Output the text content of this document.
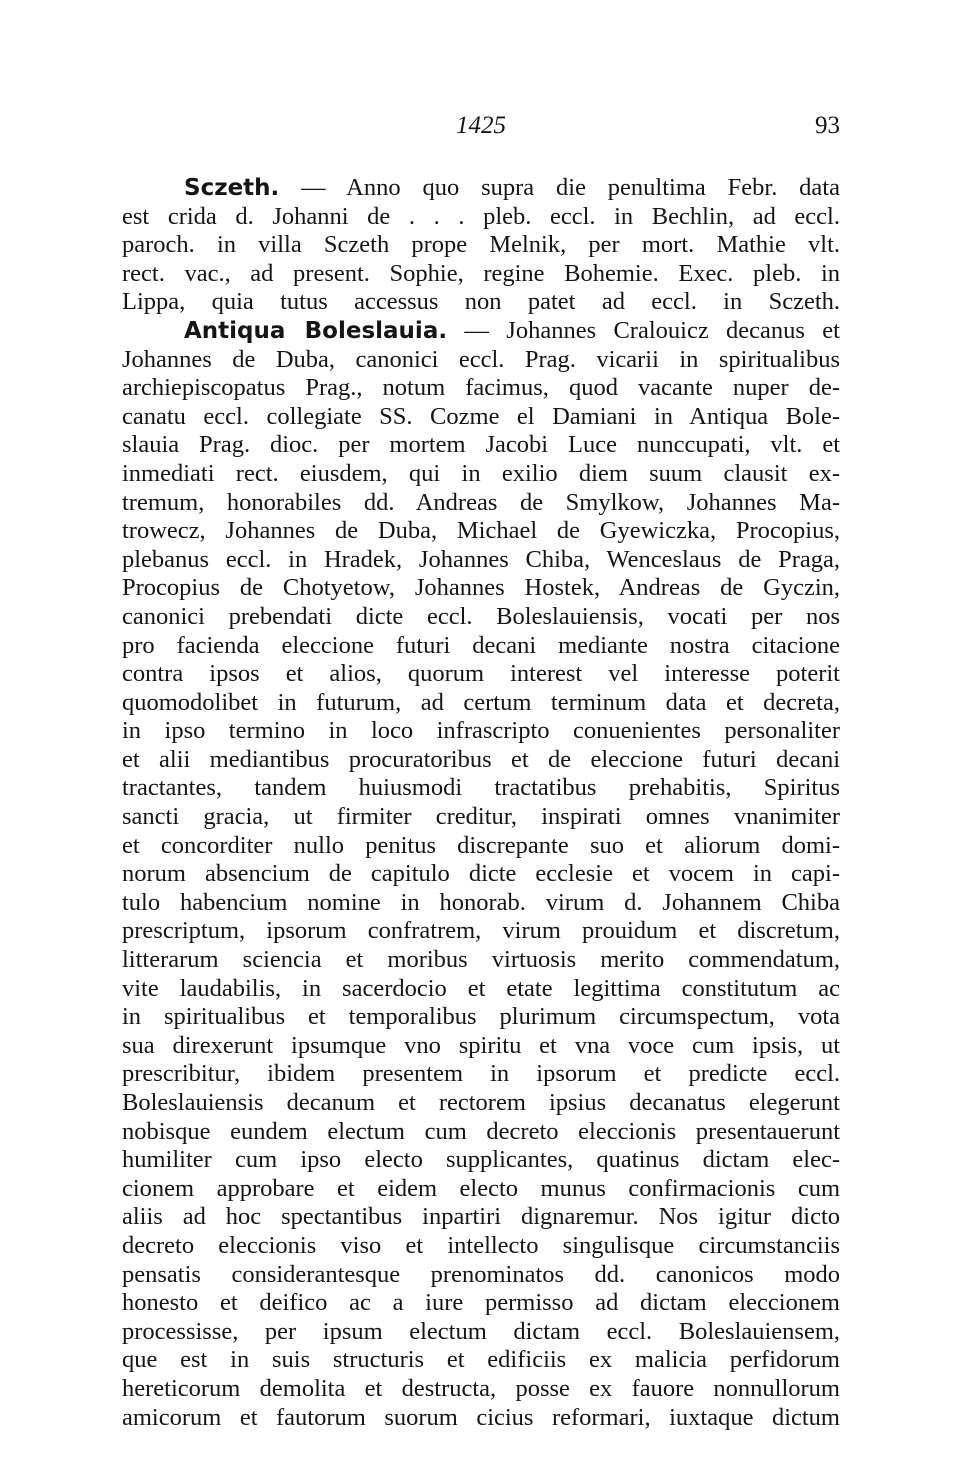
1425	93
Sczeth. — Anno quo supra die penultima Febr. data
est crida d. Johanni de . . . pleb. eccl. in Bechlin, ad eccl.
paroch. in villa Sczeth prope Melnik, per mort. Mathie vlt.
rect. vac., ad present. Sophie, regine Bohemie. Exec. pleb. in
Lippa, quia tutus accessus non patet ad eccl. in Sczeth.
Antiqua Boleslauia. — Johannes Cralouicz decanus et
Johannes de Duba, canonici eccl. Prag. vicarii in spiritualibus
archiepiscopatus Prag., notum facimus, quod vacante nuper de-
canatu eccl. collegiate SS. Cozme el Damiani in Antiqua Bole-
slauia Prag. dioc. per mortem Jacobi Luce nunccupati, vlt. et
inmediati rect. eiusdem, qui in exilio diem suum clausit ex-
tremum, honorabiles dd. Andreas de Smylkow, Johannes Ma-
trowecz, Johannes de Duba, Michael de Gyewiczka, Procopius,
plebanus eccl. in Hradek, Johannes Chiba, Wenceslaus de Praga,
Procopius de Chotyetow, Johannes Hostek, Andreas de Gyczin,
canonici prebendati dicte eccl. Boleslauiensis, vocati per nos
pro facienda eleccione futuri decani mediante nostra citacione
contra ipsos et alios, quorum interest vel interesse poterit
quomodolibet in futurum, ad certum terminum data et decreta,
in ipso termino in loco infrascripto conuenientes personaliter
et alii mediantibus procuratoribus et de eleccione futuri decani
tractantes, tandem huiusmodi tractatibus prehabitis, Spiritus
sancti gracia, ut firmiter creditur, inspirati omnes vnanimiter
et concorditer nullo penitus discrepante suo et aliorum domi-
norum absencium de capitulo dicte ecclesie et vocem in capi-
tulo habencium nomine in honorab. virum d. Johannem Chiba
prescriptum, ipsorum confratrem, virum prouidum et discretum,
litterarum sciencia et moribus virtuosis merito commendatum,
vite laudabilis, in sacerdocio et etate legittima constitutum ac
in spiritualibus et temporalibus plurimum circumspectum, vota
sua direxerunt ipsumque vno spiritu et vna voce cum ipsis, ut
prescribitur, ibidem presentem in ipsorum et predicte eccl.
Boleslauiensis decanum et rectorem ipsius decanatus elegerunt
nobisque eundem electum cum decreto eleccionis presentauerunt
humiliter cum ipso electo supplicantes, quatinus dictam elec-
cionem approbare et eidem electo munus confirmacionis cum
aliis ad hoc spectantibus inpartiri dignaremur. Nos igitur dicto
decreto eleccionis viso et intellecto singulisque circumstanciis
pensatis considerantesque prenominatos dd. canonicos modo
honesto et deifico ac a iure permisso ad dictam eleccionem
processisse, per ipsum electum dictam eccl. Boleslauiensem,
que est in suis structuris et edificiis ex malicia perfidorum
hereticorum demolita et destructa, posse ex fauore nonnullorum
amicorum et fautorum suorum cicius reformari, iuxtaque dictum
